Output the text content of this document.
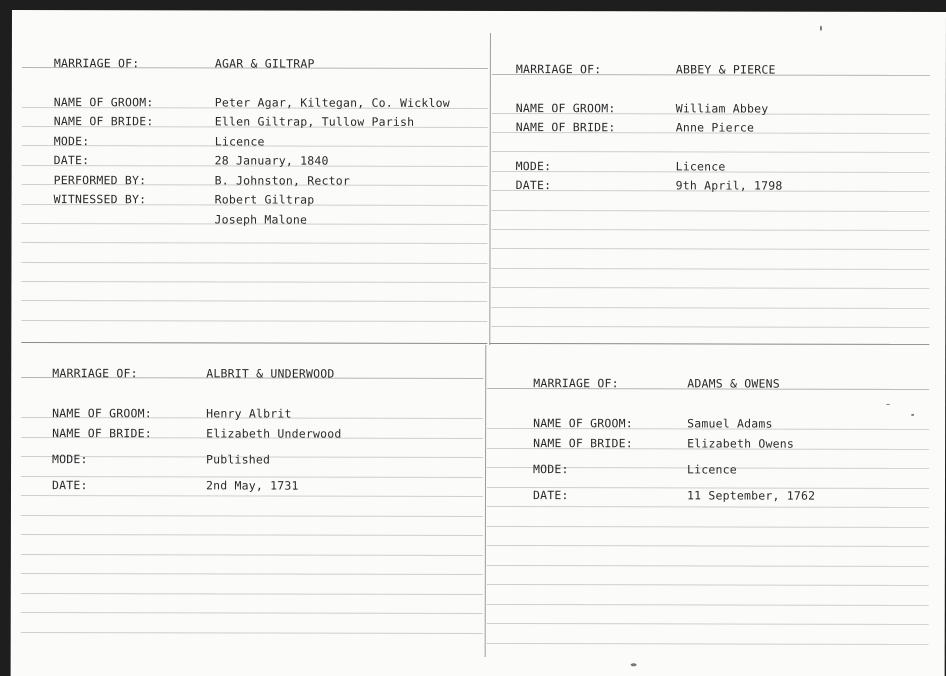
MARRIAGE OF:	AGAR & GILTRAP
NAME OF GROOM:	Peter Agar, Kiltegan, Co. Wicklow
NAME OF BRIDE:	Ellen Giltrap, Tullow Parish
MODE:	Licence
DATE:	28 January, 1840
PERFORMED BY:	B. Johnston, Rector
WITNESSED BY:	Robert Giltrap
Joseph Malone
MARRIAGE OF:	ABBEY & PIERCE
NAME OF GROOM:	William Abbey
NAME OF BRIDE:	Anne Pierce
MODE:	Licence
DATE:	9th April, 1798
MARRIAGE OF:	ALBRIT & UNDERWOOD
NAME OF GROOM:	Henry Albrit
NAME OF BRIDE:	Elizabeth Underwood
MODE:	Published
DATE:	2nd May, 1731
MARRIAGE OF:	ADAMS & OWENS
NAME OF GROOM:	Samuel Adams
NAME OF BRIDE:	Elizabeth Owens
MODE:	Licence
DATE:	11 September, 1762
